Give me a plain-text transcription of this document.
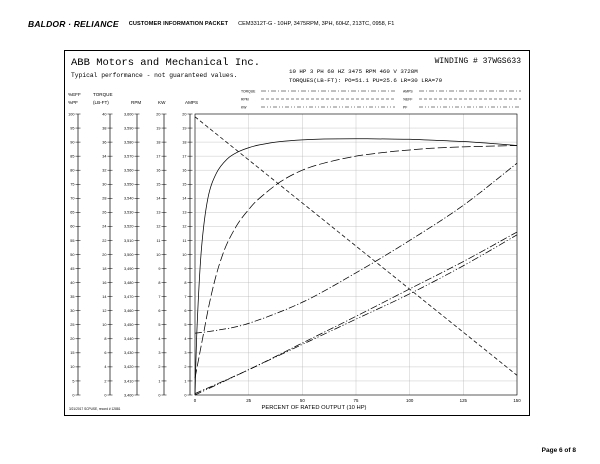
BALDOR · RELIANCE CUSTOMER INFORMATION PACKET CEM3312T-G - 10HP, 3475RPM, 3PH, 60HZ, 213TC, 0958, F1
ABB Motors and Mechanical Inc.
Typical performance - not guaranteed values.
WINDING # 37WGS633
10 HP 3 PH 60 HZ 3475 RPM 460 V 3728M
TORQUES(LB-FT): PO=51.1 PU=25.6 LR=30 LRA=79
TORQUE
RPM
KW
AMPS
%EFF
PF
%EFF
%PF
TORQUE
(LB-FT)	RPM	KW	AMPS
0
5
10
15
20
25
30
35
40
45
50
55
60
65
70
75
80
85
90
95
100
0
2
4
6
8
10
12
14
16
18
20
22
24
26
28
30
32
34
36
38
40
3,400
3,410
3,420
3,430
3,440
3,450
3,460
3,470
3,480
3,490
3,500
3,510
3,520
3,530
3,540
3,550
3,560
3,570
3,580
3,590
3,600
0
1
2
3
4
5
6
7
8
9
10
11
12
13
14
15
16
17
18
19
20
0
1
2
3
4
5
6
7
8
9
10
11
12
13
14
15
16
17
18
19
20
0	25	50	75	100	125	150
PERCENT OF RATED OUTPUT (10 HP)
3/21/2017 SCPUSE, record # 12881
Page 6 of 8
